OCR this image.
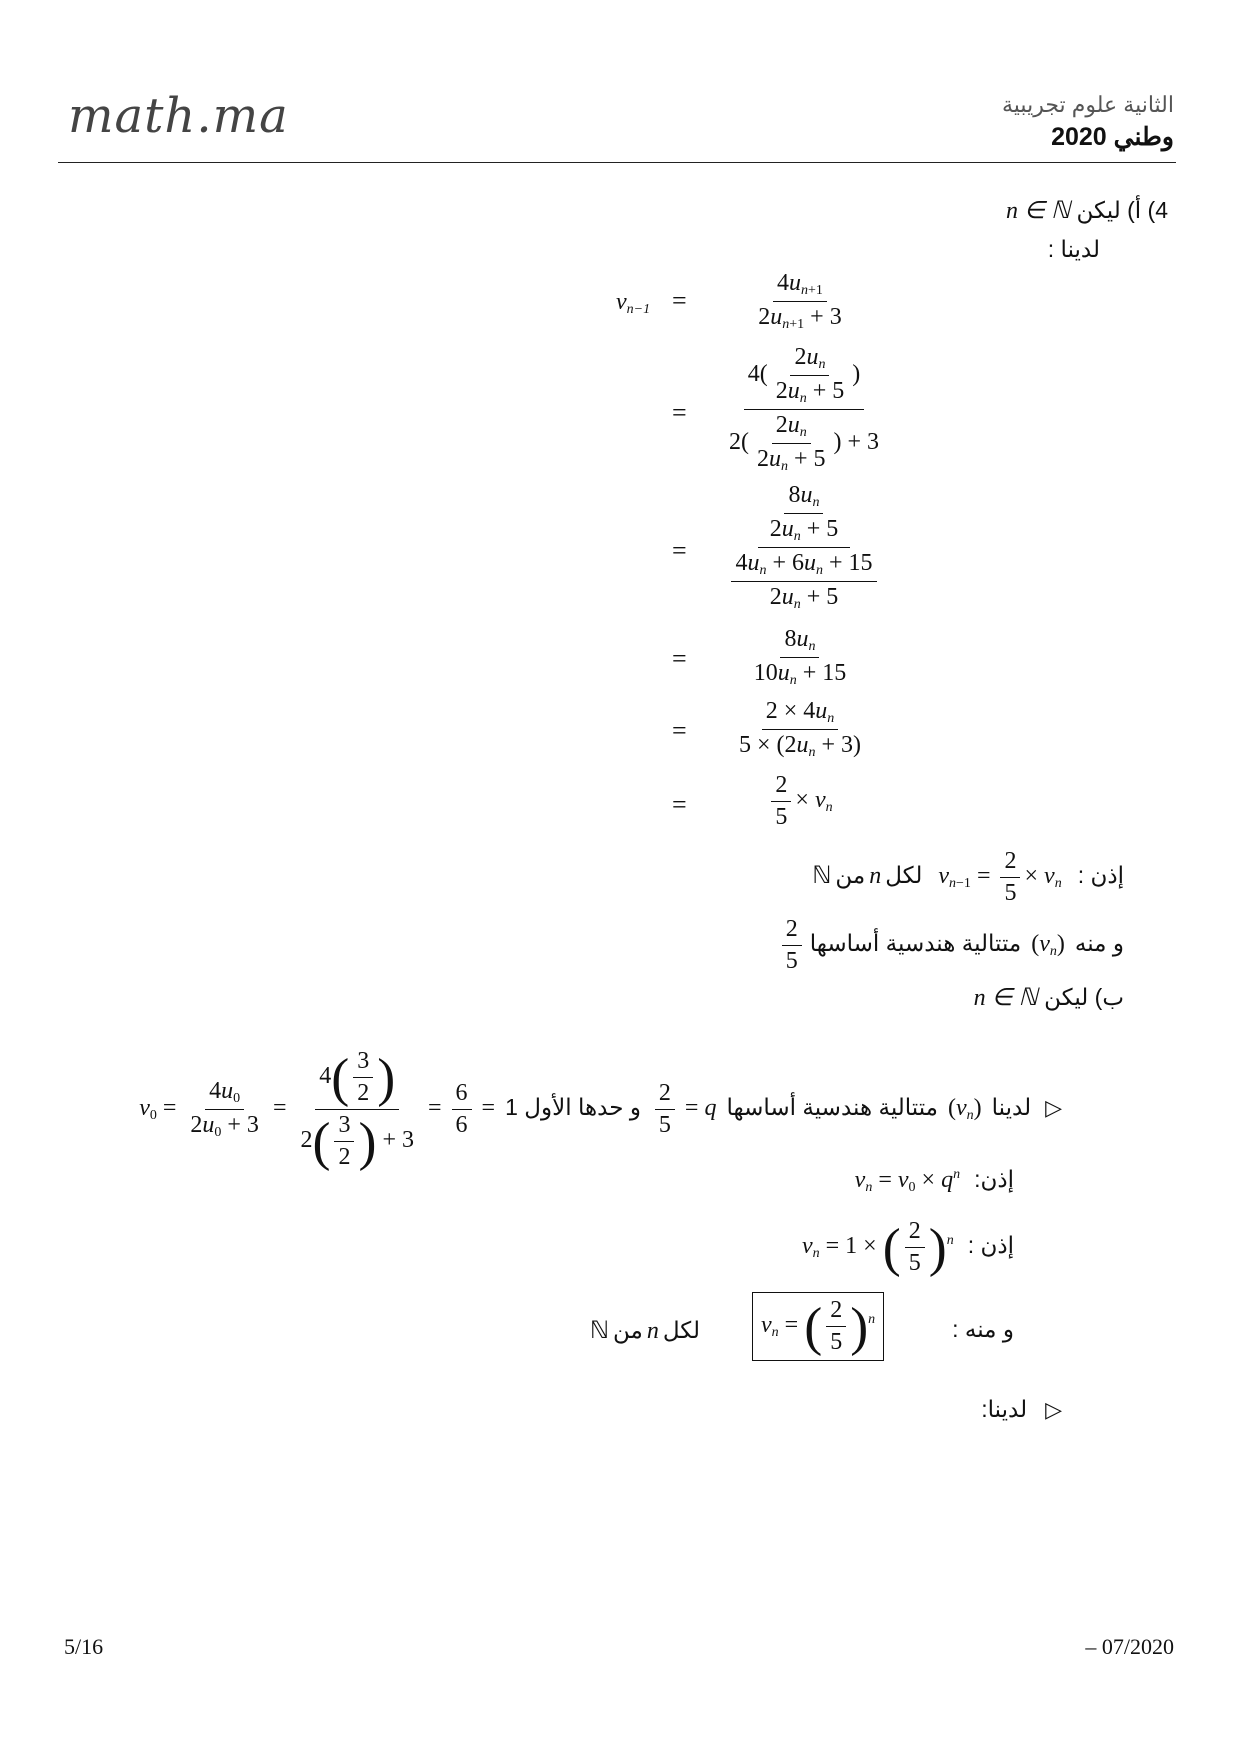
math.ma	الثانية علوم تجريبية
وطني 2020
4) أ) ليكن n ∈ ℕ
لدينا :
$v_{n-1}$ =	$\frac{4u_{n+1}}{2u_{n+1} + 3}$
= $\frac{4( \frac{2u_n}{2u_n + 5} )}{2( \frac{2u_n}{2u_n + 5} ) + 3}$
= $\frac{\frac{8u_n}{2u_n + 5}}{\frac{4u_n + 6u_n + 15}{2u_n + 5}}$
=	$\frac{8u_n}{10u_n + 15}$
= $\frac{2 \times 4u_n}{5 \times (2u_n + 3)}$
=	$\frac{2}{5} \times v_n$
إذن : $v_{n-1} = \frac{2}{5} \times v_n$ لكل n من ℕ
و منه $(v_n)$ متتالية هندسية أساسها
$\frac{2}{5}$
ب) ليكن n ∈ ℕ
▷ لدينا $(v_n)$ متتالية هندسية أساسها
$\frac{2}{5} = q$ و حدها الأول 1 $v_0 = \frac{4u_0}{2u_0 + 3} = \frac{4( \frac{3}{2} )}{2( \frac{3}{2} ) + 3} = \frac{6}{6}$ =
إذن: $v_n = v_0 \times q^n$
إذن : $v_n = 1$ × ( $\frac{2}{5} )^n$
و منه :
$v_n$ = ( $\frac{2}{5} )^n$
لكل n من ℕ
▷ لدينا:
5/16	– 07/2020
